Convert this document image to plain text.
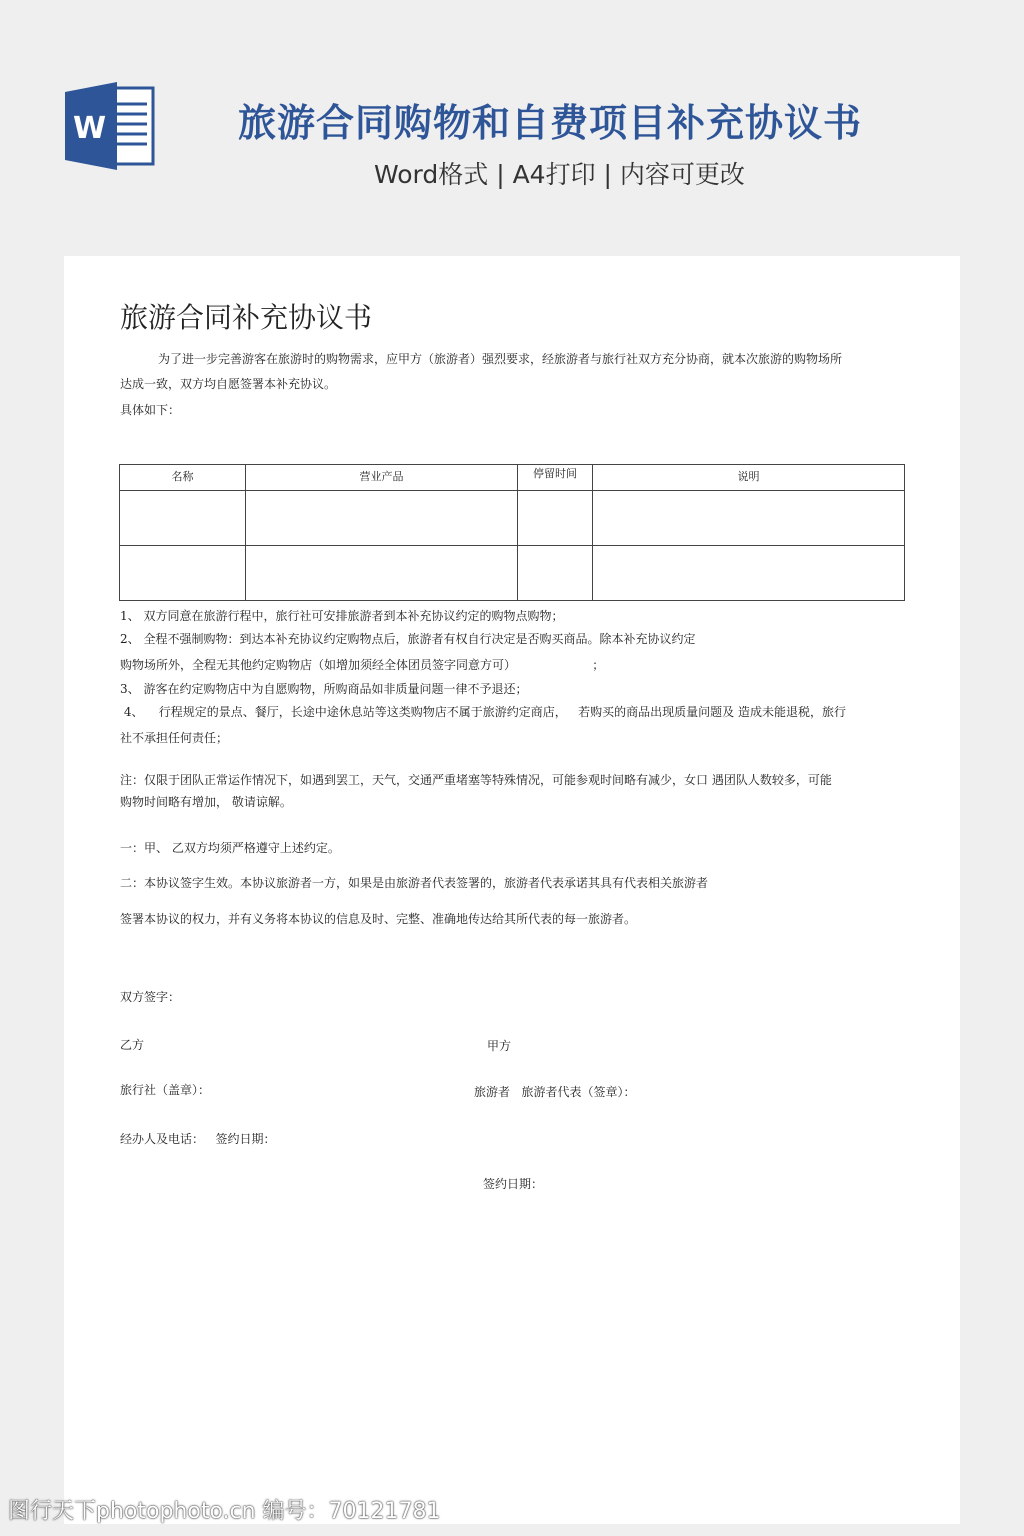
W	旅游合同购物和自费项目补充协议书
Word格式 | A4打印 | 内容可更改
旅游合同补充协议书
为了进一步完善游客在旅游时的购物需求，应甲方（旅游者）强烈要求，经旅游者与旅行社双方充分协商，就本次旅游的购物场所
达成一致，双方均自愿签署本补充协议。
具体如下：
名称	营业产品	停留时间	说明

1、 双方同意在旅游行程中，旅行社可安排旅游者到本补充协议约定的购物点购物；
2、 全程不强制购物：到达本补充协议约定购物点后，旅游者有权自行决定是否购买商品。除本补充协议约定
购物场所外，全程无其他约定购物店（如增加须经全体团员签字同意方可）                    ；
3、 游客在约定购物店中为自愿购物，所购商品如非质量问题一律不予退还；
4、    行程规定的景点、餐厅，长途中途休息站等这类购物店不属于旅游约定商店，   若购买的商品出现质量问题及 造成未能退税，旅行
社不承担任何责任；
注：仅限于团队正常运作情况下，如遇到罢工，天气，交通严重堵塞等特殊情况，可能参观时间略有减少，女口 遇团队人数较多，可能
购物时间略有增加， 敬请谅解。
一：甲、 乙双方均须严格遵守上述约定。
二：本协议签字生效。本协议旅游者一方，如果是由旅游者代表签署的，旅游者代表承诺其具有代表相关旅游者
签署本协议的权力，并有义务将本协议的信息及时、完整、准确地传达给其所代表的每一旅游者。
双方签字：
乙方	甲方
旅行社（盖章）：	旅游者   旅游者代表（签章）：
经办人及电话：   签约日期：
签约日期：
图行天下photophoto.cn 编号：70121781
